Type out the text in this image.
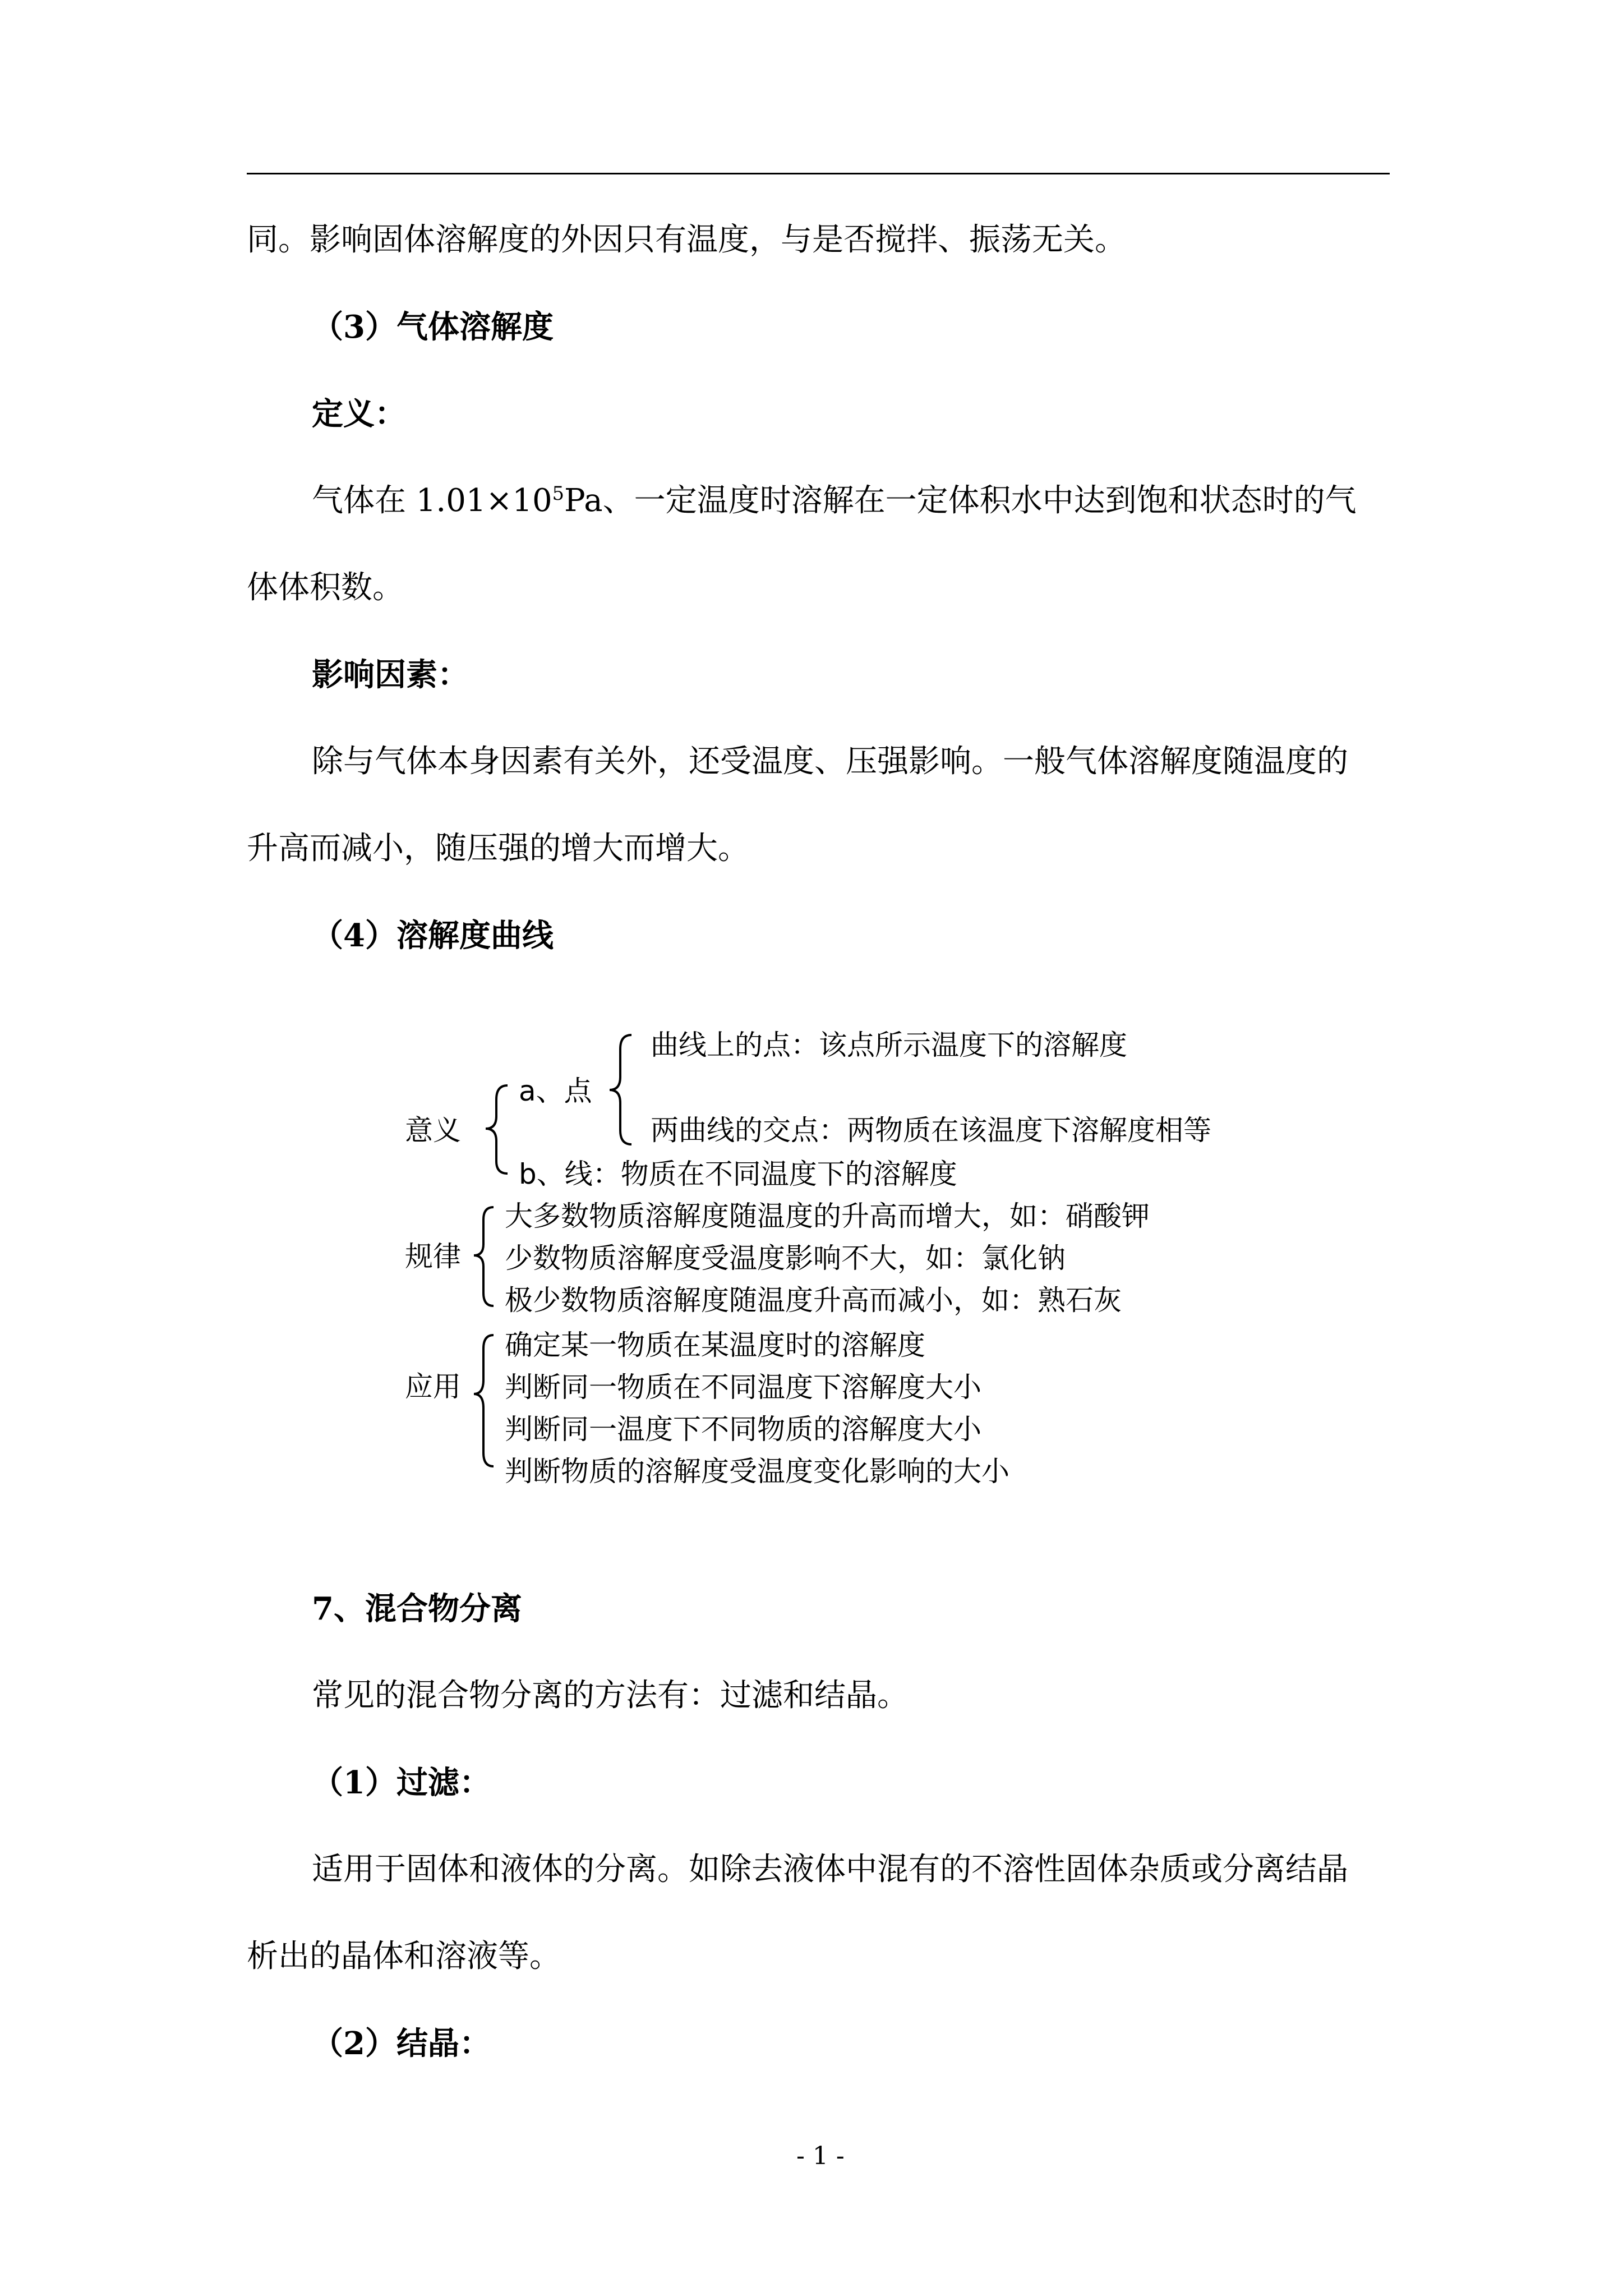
同。影响固体溶解度的外因只有温度，与是否搅拌、振荡无关。
（3）气体溶解度
定义：
气体在 $1.01\times 10^5Pa$、一定温度时溶解在一定体积水中达到饱和状态时的气
体体积数。
影响因素：
除与气体本身因素有关外，还受温度、压强影响。一般气体溶解度随温度的
升高而减小，随压强的增大而增大。
（4）溶解度曲线
意义
a、点
曲线上的点：该点所示温度下的溶解度
两曲线的交点：两物质在该温度下溶解度相等
b、线：物质在不同温度下的溶解度
规律
大多数物质溶解度随温度的升高而增大，如：硝酸钾
少数物质溶解度受温度影响不大，如：氯化钠
极少数物质溶解度随温度升高而减小，如：熟石灰
应用
确定某一物质在某温度时的溶解度
判断同一物质在不同温度下溶解度大小
判断同一温度下不同物质的溶解度大小
判断物质的溶解度受温度变化影响的大小
7、混合物分离
常见的混合物分离的方法有：过滤和结晶。
（1）过滤：
适用于固体和液体的分离。如除去液体中混有的不溶性固体杂质或分离结晶
析出的晶体和溶液等。
（2）结晶：
- 1 -
